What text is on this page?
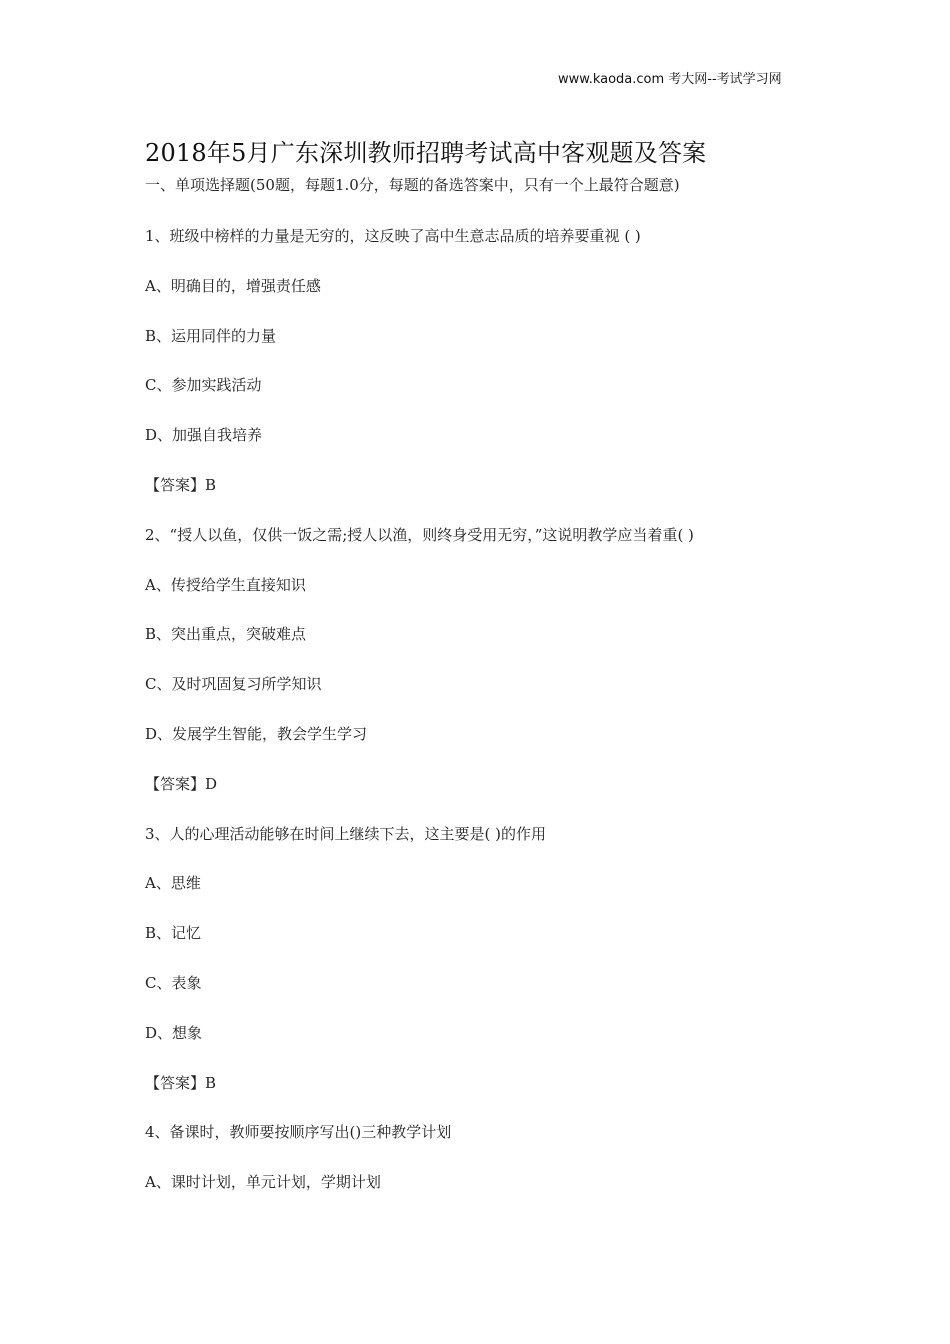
www.kaoda.com 考大网--考试学习网
2018年5月广东深圳教师招聘考试高中客观题及答案
一、单项选择题(50题，每题1.0分，每题的备选答案中，只有一个上最符合题意)
1、班级中榜样的力量是无穷的，这反映了高中生意志品质的培养要重视 ( )
A、明确目的，增强责任感
B、运用同伴的力量
C、参加实践活动
D、加强自我培养
【答案】B
2、“授人以鱼，仅供一饭之需;授人以渔，则终身受用无穷，”这说明教学应当着重( )
A、传授给学生直接知识
B、突出重点，突破难点
C、及时巩固复习所学知识
D、发展学生智能，教会学生学习
【答案】D
3、人的心理活动能够在时间上继续下去，这主要是( )的作用
A、思维
B、记忆
C、表象
D、想象
【答案】B
4、备课时，教师要按顺序写出()三种教学计划
A、课时计划，单元计划，学期计划
